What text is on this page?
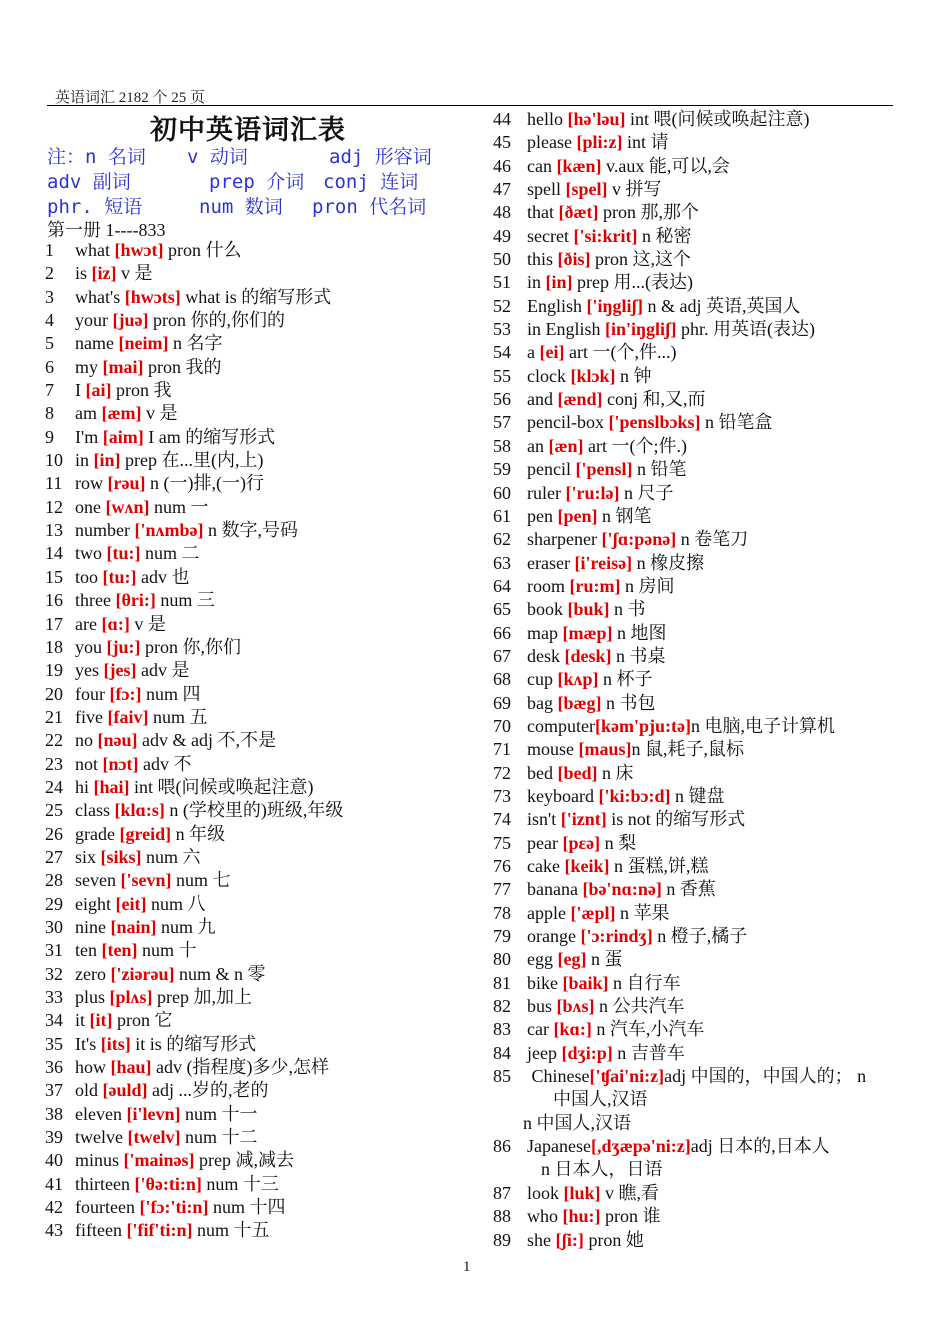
英语词汇 2182 个 25 页
初中英语词汇表
注：n 名词 v 动词	adj 形容词
adv 副词	prep 介词 conj 连词
phr. 短语	num 数词 pron 代名词
第一册 1----833
1 what [hwɔt] pron 什么
2 is [iz] v 是
3 what's [hwɔts] what is 的缩写形式
4 your [juə] pron 你的,你们的
5 name [neim] n 名字
6 my [mai] pron 我的
7 I [ai] pron 我
8 am [æm] v 是
9 I'm [aim] I am 的缩写形式
10 in [in] prep 在...里(内,上)
11 row [rəu] n (一)排,(一)行
12 one [wʌn] num 一
13 number ['nʌmbə] n 数字,号码
14 two [tu:] num 二
15 too [tu:] adv 也
16 three [θri:] num 三
17 are [ɑ:] v 是
18 you [ju:] pron 你,你们
19 yes [jes] adv 是
20 four [fɔ:] num 四
21 five [faiv] num 五
22 no [nəu] adv & adj 不,不是
23 not [nɔt] adv 不
24 hi [hai] int 喂(问候或唤起注意)
25 class [klɑ:s] n (学校里的)班级,年级
26 grade [greid] n 年级
27 six [siks] num 六
28 seven ['sevn] num 七
29 eight [eit] num 八
30 nine [nain] num 九
31 ten [ten] num 十
32 zero ['ziərəu] num & n 零
33 plus [plʌs] prep 加,加上
34 it [it] pron 它
35 It's [its] it is 的缩写形式
36 how [hau] adv (指程度)多少,怎样
37 old [əuld] adj ...岁的,老的
38 eleven [i'levn] num 十一
39 twelve [twelv] num 十二
40 minus ['mainəs] prep 减,减去
41 thirteen ['θə:ti:n] num 十三
42 fourteen ['fɔ:'ti:n] num 十四
43 fifteen ['fif'ti:n] num 十五
44 hello [hə'ləu] int 喂(问候或唤起注意)
45 please [pli:z] int 请
46 can [kæn] v.aux 能,可以,会
47 spell [spel] v 拼写
48 that [ðæt] pron 那,那个
49 secret ['si:krit] n 秘密
50 this [ðis] pron 这,这个
51 in [in] prep 用...(表达)
52 English ['iŋgliʃ] n & adj 英语,英国人
53 in English [in'iŋgliʃ] phr. 用英语(表达)
54 a [ei] art 一(个,件...)
55 clock [klɔk] n 钟
56 and [ænd] conj 和,又,而
57 pencil-box ['penslbɔks] n 铅笔盒
58 an [æn] art 一(个;件.)
59 pencil ['pensl] n 铅笔
60 ruler ['ru:lə] n 尺子
61 pen [pen] n 钢笔
62 sharpener ['ʃɑ:pənə] n 卷笔刀
63 eraser [i'reisə] n 橡皮擦
64 room [ru:m] n 房间
65 book [buk] n 书
66 map [mæp] n 地图
67 desk [desk] n 书桌
68 cup [kʌp] n 杯子
69 bag [bæg] n 书包
70 computer[kəm'pju:tə]n 电脑,电子计算机
71 mouse [maus]n 鼠,耗子,鼠标
72 bed [bed] n 床
73 keyboard ['ki:bɔ:d] n 键盘
74 isn't ['iznt] is not 的缩写形式
75 pear [pεə] n 梨
76 cake [keik] n 蛋糕,饼,糕
77 banana [bə'nɑ:nə] n 香蕉
78 apple ['æpl] n 苹果
79 orange ['ɔ:rindʒ] n 橙子,橘子
80 egg [eg] n 蛋
81 bike [baik] n 自行车
82 bus [bʌs] n 公共汽车
83 car [kɑ:] n 汽车,小汽车
84 jeep [dʒi:p] n 吉普车
85 Chinese['ʧai'ni:z]adj 中国的，中国人的； n
中国人,汉语
n 中国人,汉语
86 Japanese[,dʒæpə'ni:z]adj 日本的,日本人
n 日本人，日语
87 look [luk] v 瞧,看
88 who [hu:] pron 谁
89 she [ʃi:] pron 她
1
